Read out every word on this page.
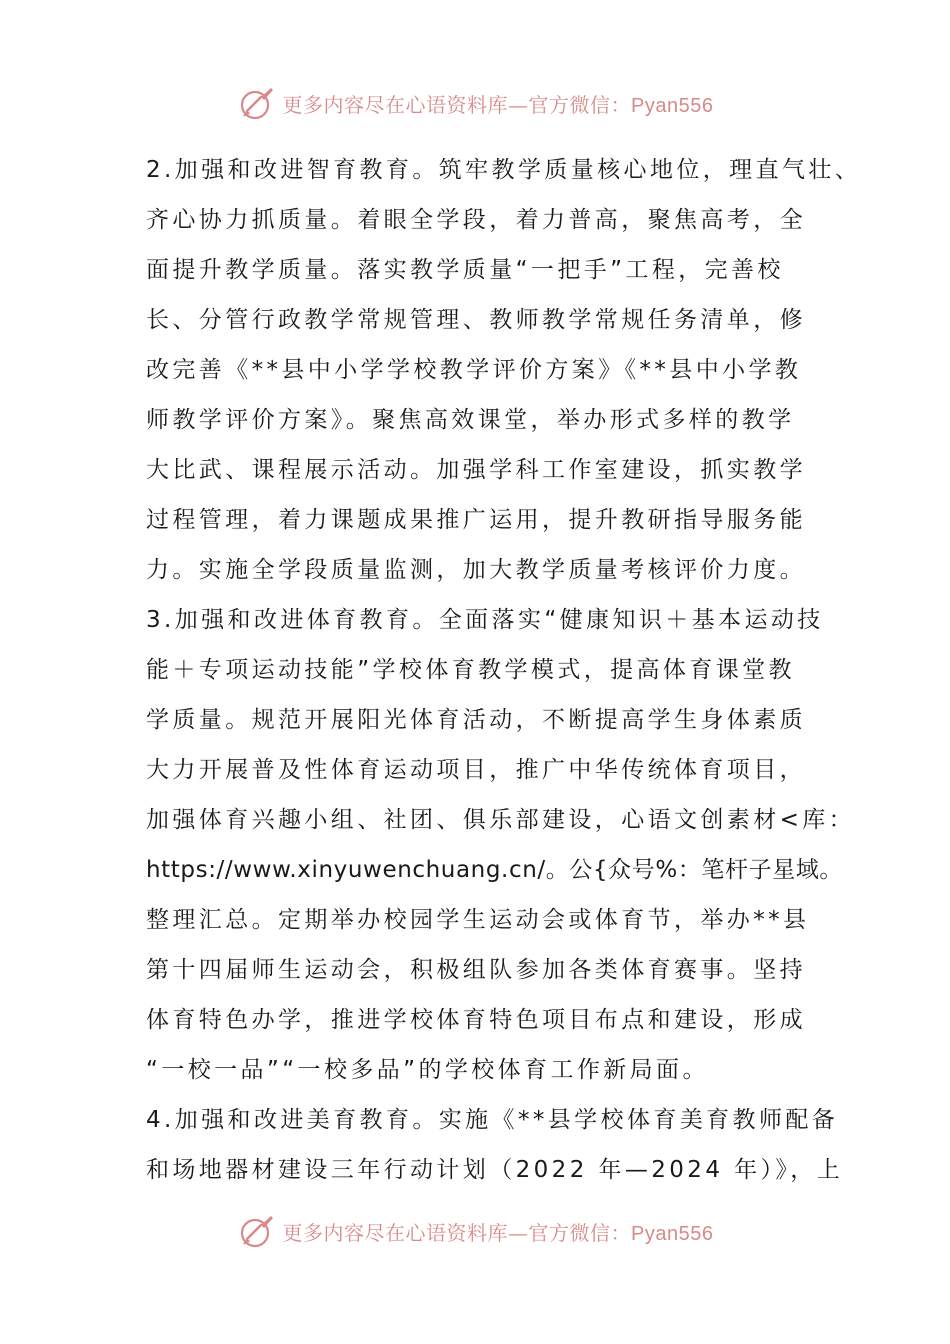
更多内容尽在心语资料库—官方微信：Pyan556
2.加强和改进智育教育。筑牢教学质量核心地位，理直气壮、
齐心协力抓质量。着眼全学段，着力普高，聚焦高考，全
面提升教学质量。落实教学质量“一把手”工程，完善校
长、分管行政教学常规管理、教师教学常规任务清单，修
改完善《**县中小学学校教学评价方案》《**县中小学教
师教学评价方案》。聚焦高效课堂，举办形式多样的教学
大比武、课程展示活动。加强学科工作室建设，抓实教学
过程管理，着力课题成果推广运用，提升教研指导服务能
力。实施全学段质量监测，加大教学质量考核评价力度。
3.加强和改进体育教育。全面落实“健康知识＋基本运动技
能＋专项运动技能”学校体育教学模式，提高体育课堂教
学质量。规范开展阳光体育活动，不断提高学生身体素质
大力开展普及性体育运动项目，推广中华传统体育项目，
加强体育兴趣小组、社团、俱乐部建设，心语文创素材<库：
https://www.xinyuwenchuang.cn/。公{众号%：笔杆子星域。
整理汇总。定期举办校园学生运动会或体育节，举办**县
第十四届师生运动会，积极组队参加各类体育赛事。坚持
体育特色办学，推进学校体育特色项目布点和建设，形成
“一校一品”“一校多品”的学校体育工作新局面。
4.加强和改进美育教育。实施《**县学校体育美育教师配备
和场地器材建设三年行动计划（2022 年—2024 年）》，上
更多内容尽在心语资料库—官方微信：Pyan556
